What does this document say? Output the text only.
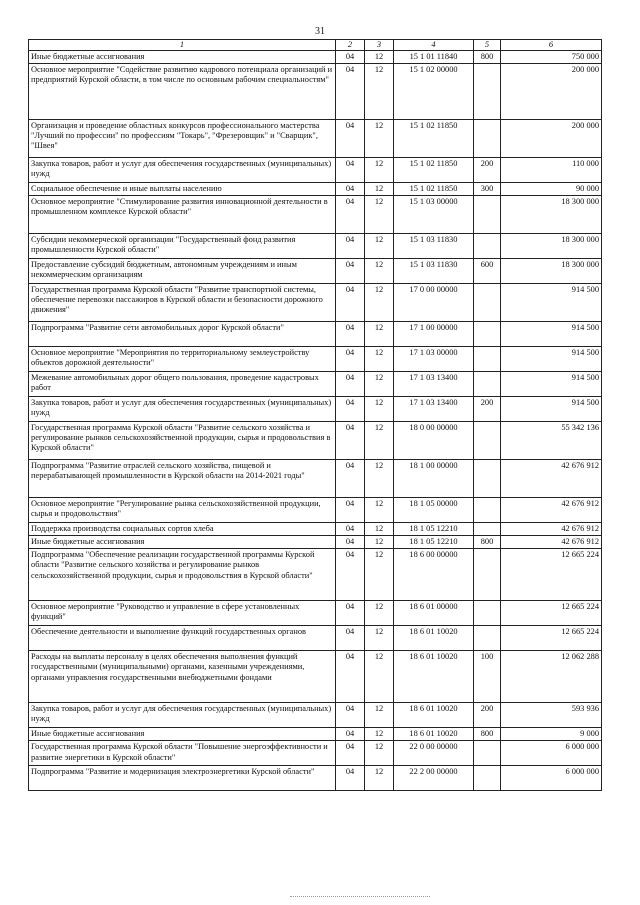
31
1	2	3	4	5	6
Иные бюджетные ассигнования	04	12	15 1 01 11840	800	750 000
Основное мероприятие "Содействие развитию кадрового потенциала организаций и предприятий Курской области, в том числе по основным рабочим специальностям"	04	12	15 1 02 00000		200 000
Организация и проведение областных конкурсов профессионального мастерства "Лучший по профессии" по профессиям "Токарь", "Фрезеровщик" и "Сварщик", "Швея"	04	12	15 1 02 11850		200 000
Закупка товаров, работ и услуг для обеспечения государственных (муниципальных) нужд	04	12	15 1 02 11850	200	110 000
Социальное обеспечение и иные выплаты населению	04	12	15 1 02 11850	300	90 000
Основное мероприятие "Стимулирование развития инновационной деятельности в промышленном комплексе Курской области"	04	12	15 1 03 00000		18 300 000
Субсидии некоммерческой организации "Государственный фонд развития промышленности Курской области"	04	12	15 1 03 11830		18 300 000
Предоставление субсидий бюджетным, автономным учреждениям и иным некоммерческим организациям	04	12	15 1 03 11830	600	18 300 000
Государственная программа Курской области "Развитие транспортной системы, обеспечение перевозки пассажиров в Курской области и безопасности дорожного движения"	04	12	17 0 00 00000		914 500
Подпрограмма "Развитие сети автомобильных дорог Курской области"	04	12	17 1 00 00000		914 500
Основное мероприятие "Мероприятия по территориальному землеустройству объектов дорожной деятельности"	04	12	17 1 03 00000		914 500
Межевание автомобильных дорог общего пользования, проведение кадастровых работ	04	12	17 1 03 13400		914 500
Закупка товаров, работ и услуг для обеспечения государственных (муниципальных) нужд	04	12	17 1 03 13400	200	914 500
Государственная программа Курской области "Развитие сельского хозяйства и регулирование рынков сельскохозяйственной продукции, сырья и продовольствия в Курской области"	04	12	18 0 00 00000		55 342 136
Подпрограмма "Развитие отраслей сельского хозяйства, пищевой и перерабатывающей промышленности в Курской области на 2014-2021 годы"	04	12	18 1 00 00000		42 676 912
Основное мероприятие "Регулирование рынка сельскохозяйственной продукции, сырья и продовольствия"	04	12	18 1 05 00000		42 676 912
Поддержка производства социальных сортов хлеба	04	12	18 1 05 12210		42 676 912
Иные бюджетные ассигнования	04	12	18 1 05 12210	800	42 676 912
Подпрограмма "Обеспечение реализации государственной программы Курской области "Развитие сельского хозяйства и регулирование рынков сельскохозяйственной продукции, сырья и продовольствия в Курской области"	04	12	18 6 00 00000		12 665 224
Основное мероприятие "Руководство и управление в сфере установленных функций"	04	12	18 6 01 00000		12 665 224
Обеспечение деятельности и выполнение функций государственных органов	04	12	18 6 01 10020		12 665 224
Расходы на выплаты персоналу в целях обеспечения выполнения функций государственными (муниципальными) органами, казенными учреждениями, органами управления государственными внебюджетными фондами	04	12	18 6 01 10020	100	12 062 288
Закупка товаров, работ и услуг для обеспечения государственных (муниципальных) нужд	04	12	18 6 01 10020	200	593 936
Иные бюджетные ассигнования	04	12	18 6 01 10020	800	9 000
Государственная программа Курской области "Повышение энергоэффективности и развитие энергетики в Курской области"	04	12	22 0 00 00000		6 000 000
Подпрограмма "Развитие и модернизация электроэнергетики Курской области"	04	12	22 2 00 00000		6 000 000
